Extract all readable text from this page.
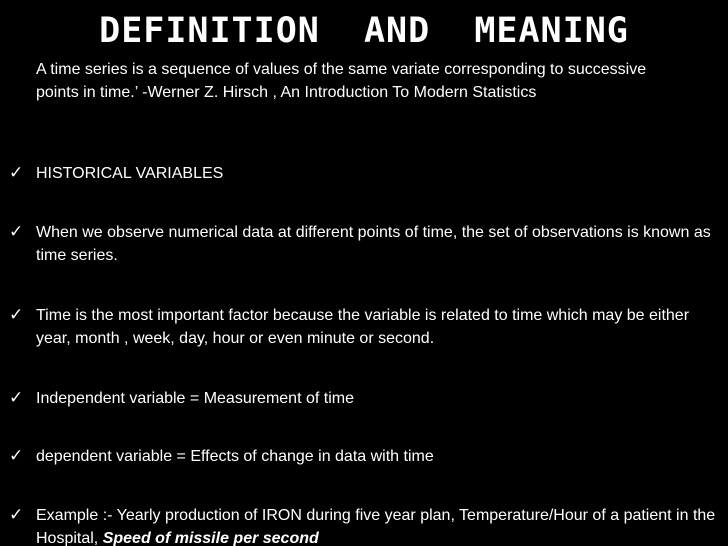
DEFINITION  AND  MEANING

A time series is a sequence of values of the same variate corresponding to successive points in time.’ -Werner Z. Hirsch , An Introduction To Modern Statistics

✓ HISTORICAL VARIABLES
✓ When we observe numerical data at different points of time, the set of observations is known as time series.
✓ Time is the most important factor because the variable is related to time which may be either year, month , week, day, hour or even minute or second.
✓ Independent variable = Measurement of time
✓ dependent variable = Effects of change in data with time
✓ Example :- Yearly production of IRON during five year plan, Temperature/Hour of a patient in the Hospital, Speed of missile per second
